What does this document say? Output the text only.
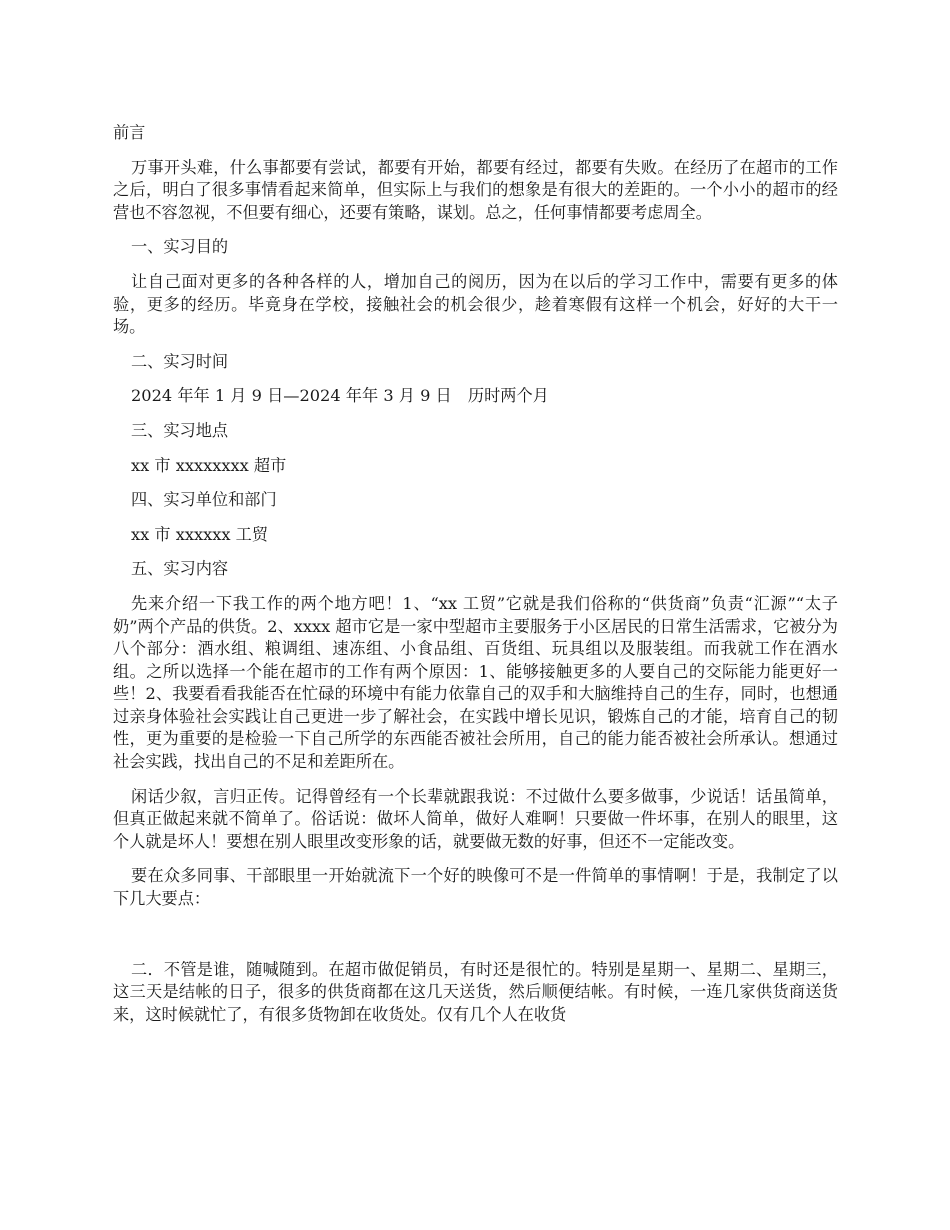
前言
万事开头难，什么事都要有尝试，都要有开始，都要有经过，都要有失败。在经历了在超市的工作之后，明白了很多事情看起来简单，但实际上与我们的想象是有很大的差距的。一个小小的超市的经营也不容忽视，不但要有细心，还要有策略，谋划。总之，任何事情都要考虑周全。
一、实习目的
让自己面对更多的各种各样的人，增加自己的阅历，因为在以后的学习工作中，需要有更多的体验，更多的经历。毕竟身在学校，接触社会的机会很少，趁着寒假有这样一个机会，好好的大干一场。
二、实习时间
2024 年年 1 月 9 日—2024 年年 3 月 9 日　历时两个月
三、实习地点
xx 市 xxxxxxxx 超市
四、实习单位和部门
xx 市 xxxxxx 工贸
五、实习内容
先来介绍一下我工作的两个地方吧！1、“xx 工贸”它就是我们俗称的“供货商”负责“汇源”“太子奶”两个产品的供货。2、xxxx 超市它是一家中型超市主要服务于小区居民的日常生活需求，它被分为八个部分：酒水组、粮调组、速冻组、小食品组、百货组、玩具组以及服装组。而我就工作在酒水组。之所以选择一个能在超市的工作有两个原因：1、能够接触更多的人要自己的交际能力能更好一些！2、我要看看我能否在忙碌的环境中有能力依靠自己的双手和大脑维持自己的生存，同时，也想通过亲身体验社会实践让自己更进一步了解社会，在实践中增长见识，锻炼自己的才能，培育自己的韧性，更为重要的是检验一下自己所学的东西能否被社会所用，自己的能力能否被社会所承认。想通过社会实践，找出自己的不足和差距所在。
闲话少叙，言归正传。记得曾经有一个长辈就跟我说：不过做什么要多做事，少说话！话虽简单，但真正做起来就不简单了。俗话说：做坏人简单，做好人难啊！只要做一件坏事，在别人的眼里，这个人就是坏人！要想在别人眼里改变形象的话，就要做无数的好事，但还不一定能改变。
要在众多同事、干部眼里一开始就流下一个好的映像可不是一件简单的事情啊！于是，我制定了以下几大要点：
二．不管是谁，随喊随到。在超市做促销员，有时还是很忙的。特别是星期一、星期二、星期三，这三天是结帐的日子，很多的供货商都在这几天送货，然后顺便结帐。有时候，一连几家供货商送货来，这时候就忙了，有很多货物卸在收货处。仅有几个人在收货
